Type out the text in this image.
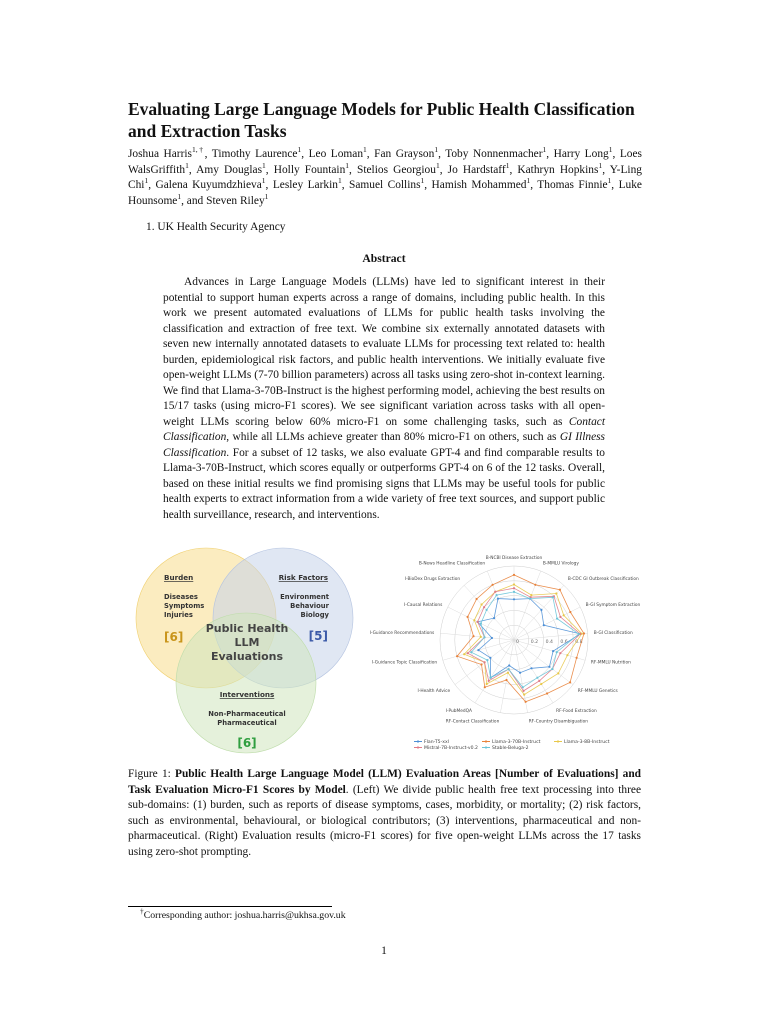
Evaluating Large Language Models for Public Health Classification and Extraction Tasks
Joshua Harris$^{1,\dagger}$, Timothy Laurence$^1$, Leo Loman$^1$, Fan Grayson$^1$, Toby Nonnenmacher$^1$, Harry Long$^1$, Loes WalsGriffith$^1$, Amy Douglas$^1$, Holly Fountain$^1$, Stelios Georgiou$^1$, Jo Hardstaff$^1$, Kathryn Hopkins$^1$, Y-Ling Chi$^1$, Galena Kuyumdzhieva$^1$, Lesley Larkin$^1$, Samuel Collins$^1$, Hamish Mohammed$^1$, Thomas Finnie$^1$, Luke Hounsome$^1$, and Steven Riley$^1$
1. UK Health Security Agency
Abstract
Advances in Large Language Models (LLMs) have led to significant interest in their potential to support human experts across a range of domains, including public health. In this work we present automated evaluations of LLMs for public health tasks involving the classification and extraction of free text. We combine six externally annotated datasets with seven new internally annotated datasets to evaluate LLMs for processing text related to: health burden, epidemiological risk factors, and public health interventions. We initially evaluate five open-weight LLMs (7-70 billion parameters) across all tasks using zero-shot in-context learning. We find that Llama-3-70B-Instruct is the highest performing model, achieving the best results on 15/17 tasks (using micro-F1 scores). We see significant variation across tasks with all open-weight LLMs scoring below 60% micro-F1 on some challenging tasks, such as Contact Classification, while all LLMs achieve greater than 80% micro-F1 on others, such as GI Illness Classification. For a subset of 12 tasks, we also evaluate GPT-4 and find comparable results to Llama-3-70B-Instruct, which scores equally or outperforms GPT-4 on 6 of the 12 tasks. Overall, based on these initial results we find promising signs that LLMs may be useful tools for public health experts to extract information from a wide variety of free text sources, and support public health surveillance, research, and interventions.
Burden
Diseases
Symptoms
Injuries
[6]
Risk Factors
Environment
Behaviour
Biology
[5]
Public Health
LLM
Evaluations
Interventions
Non-Pharmaceutical
Pharmaceutical
[6]
0	0.2 0.4 0.6 0.8
B-NCBI Disease Extraction
B-MMLU Virology
B-CDC GI Outbreak Classification
B-GI Symptom Extraction
B-GI Classification
RF-MMLU Nutrition
RF-MMLU Genetics
RF-Food Extraction
RF-Country Disambiguation
RF-Contact Classification
I-PubMedQA
I-Health Advice
I-Guidance Topic Classification
I-Guidance Recommendations
I-Causal Relations
I-BioDex Drugs Extraction
B-News Headline Classification
Flan-T5-xxl	Llama-3-70B-Instruct	Llama-3-8B-Instruct
Mistral-7B-Instruct-v0.2	Stable-Beluga-2
Figure 1: Public Health Large Language Model (LLM) Evaluation Areas [Number of Evaluations] and Task Evaluation Micro-F1 Scores by Model. (Left) We divide public health free text processing into three sub-domains: (1) burden, such as reports of disease symptoms, cases, morbidity, or mortality; (2) risk factors, such as environmental, behavioural, or biological contributors; (3) interventions, pharmaceutical and non-pharmaceutical. (Right) Evaluation results (micro-F1 scores) for five open-weight LLMs across the 17 tasks using zero-shot prompting.
†Corresponding author: joshua.harris@ukhsa.gov.uk
1
